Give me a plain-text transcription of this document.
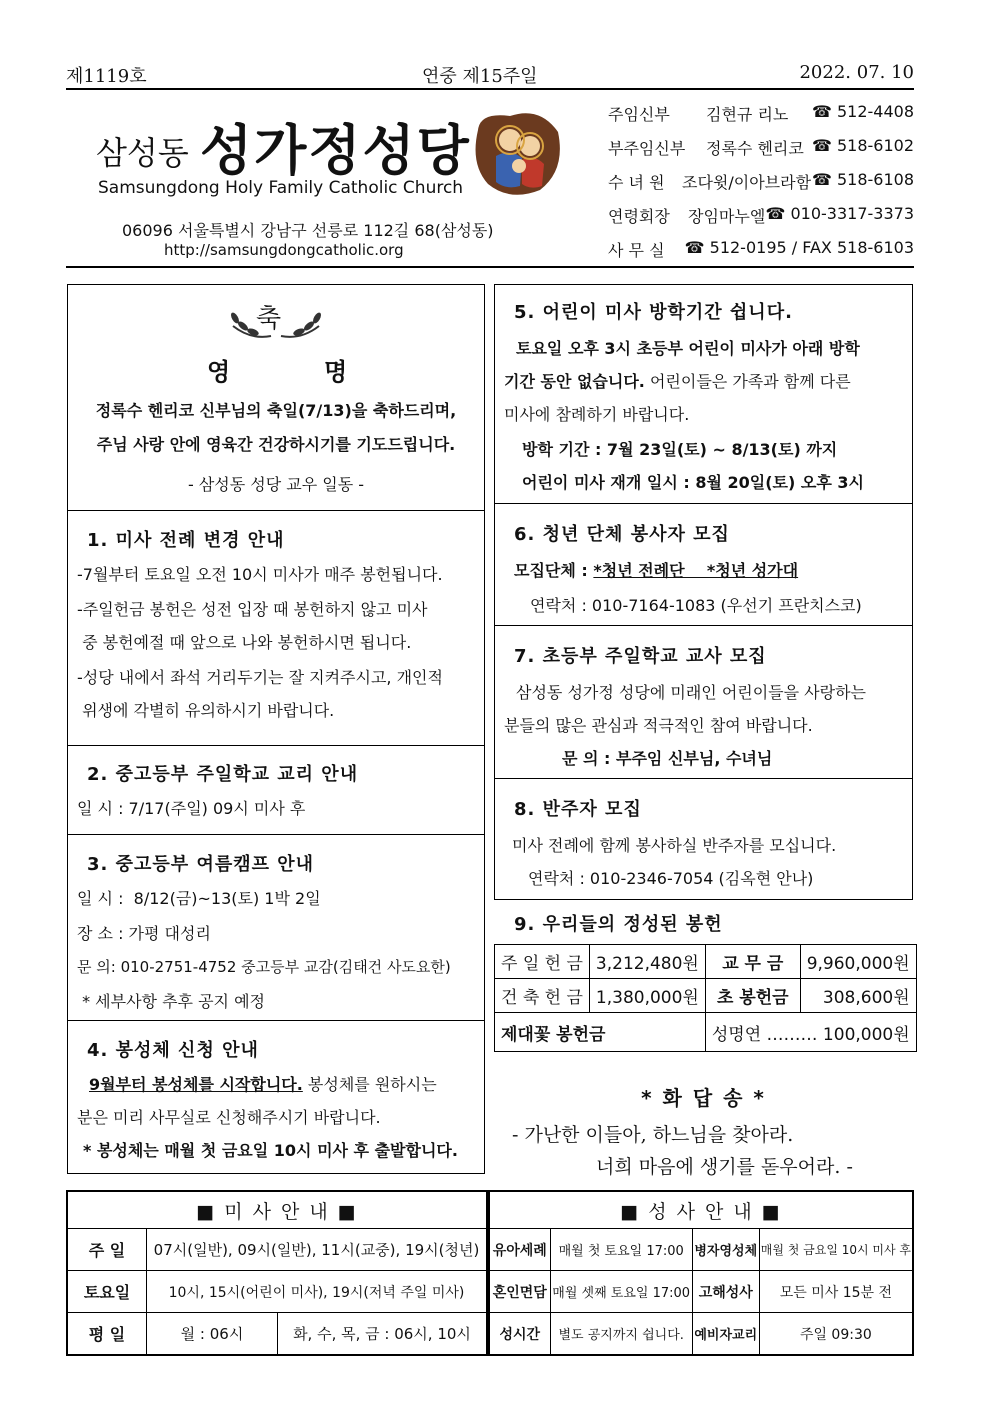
제1119호	연중 제15주일	2022. 07. 10
삼성동 성가정성당
Samsungdong Holy Family Catholic Church
06096 서울특별시 강남구 선릉로 112길 68(삼성동)
http://samsungdongcatholic.org
주임신부 김현규 리노 ☎ 512-4408
부주임신부 정록수 헨리코 ☎ 518-6102
수 녀 원 조다윗/이아브라함 ☎ 518-6108
연령회장 장임마누엘 ☎ 010-3317-3373
사 무 실 ☎ 512-0195 / FAX 518-6103
축
영	명
정록수 헨리코 신부님의 축일(7/13)을 축하드리며,
주님 사랑 안에 영육간 건강하시기를 기도드립니다.
- 삼성동 성당 교우 일동 -
1. 미사 전례 변경 안내
-7월부터 토요일 오전 10시 미사가 매주 봉헌됩니다.
-주일헌금 봉헌은 성전 입장 때 봉헌하지 않고 미사
중 봉헌예절 때 앞으로 나와 봉헌하시면 됩니다.
-성당 내에서 좌석 거리두기는 잘 지켜주시고, 개인적
위생에 각별히 유의하시기 바랍니다.
2. 중고등부 주일학교 교리 안내
일 시 : 7/17(주일) 09시 미사 후
3. 중고등부 여름캠프 안내
일 시 :  8/12(금)~13(토) 1박 2일
장 소 : 가평 대성리
문 의: 010-2751-4752 중고등부 교감(김태건 사도요한)
* 세부사항 추후 공지 예정
4. 봉성체 신청 안내
9월부터 봉성체를 시작합니다. 봉성체를 원하시는
분은 미리 사무실로 신청해주시기 바랍니다.
* 봉성체는 매월 첫 금요일 10시 미사 후 출발합니다.
5. 어린이 미사 방학기간 쉽니다.
토요일 오후 3시 초등부 어린이 미사가 아래 방학
기간 동안 없습니다. 어린이들은 가족과 함께 다른
미사에 참례하기 바랍니다.
방학 기간 : 7월 23일(토) ~ 8/13(토) 까지
어린이 미사 재개 일시 : 8월 20일(토) 오후 3시
6. 청년 단체 봉사자 모집
모집단체 : *청년 전례단    *청년 성가대
연락처 : 010-7164-1083 (우선기 프란치스코)
7. 초등부 주일학교 교사 모집
삼성동 성가정 성당에 미래인 어린이들을 사랑하는
분들의 많은 관심과 적극적인 참여 바랍니다.
문 의 : 부주임 신부님, 수녀님
8. 반주자 모집
미사 전례에 함께 봉사하실 반주자를 모십니다.
연락처 : 010-2346-7054 (김옥현 안나)
9. 우리들의 정성된 봉헌
주 일 헌 금	3,212,480원	교 무 금	9,960,000원
건 축 헌 금	1,380,000원	초 봉헌금	308,600원
제대꽃 봉헌금		성명연 ……… 100,000원	
* 화 답 송 *
- 가난한 이들아, 하느님을 찾아라.
너희 마음에 생기를 돋우어라. -
■ 미 사 안 내 ■		
주 일	07시(일반), 09시(일반), 11시(교중), 19시(청년)	
토요일	10시, 15시(어린이 미사), 19시(저녁 주일 미사)	
평 일	월 : 06시	화, 수, 목, 금 : 06시, 10시
■ 성 사 안 내 ■			
유아세례	매월 첫 토요일 17:00	병자영성체	매월 첫 금요일 10시 미사 후
혼인면담	매월 셋째 토요일 17:00	고해성사	모든 미사 15분 전
성시간	별도 공지까지 쉽니다.	예비자교리	주일 09:30
